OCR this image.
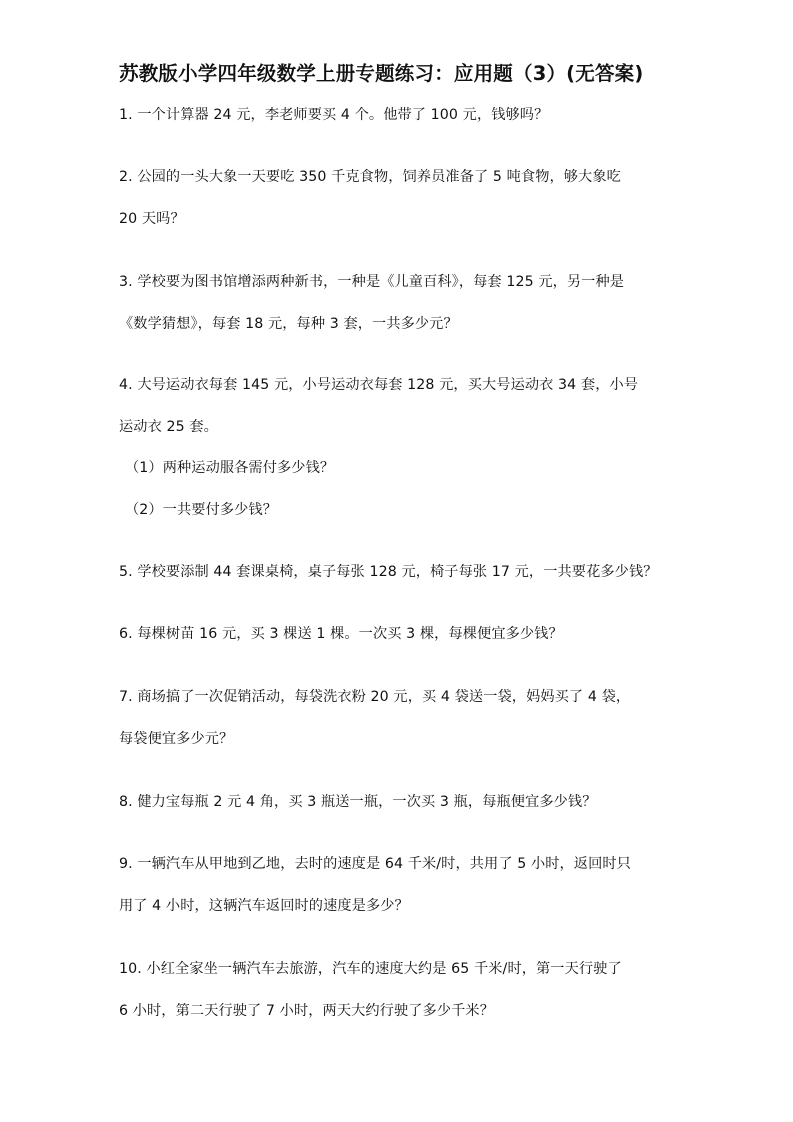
苏教版小学四年级数学上册专题练习：应用题（3）(无答案)
1. 一个计算器 24 元，李老师要买 4 个。他带了 100 元，钱够吗？
2. 公园的一头大象一天要吃 350 千克食物，饲养员准备了 5 吨食物，够大象吃
20 天吗？
3. 学校要为图书馆增添两种新书，一种是《儿童百科》，每套 125 元，另一种是
《数学猜想》，每套 18 元，每种 3 套，一共多少元？
4. 大号运动衣每套 145 元，小号运动衣每套 128 元，买大号运动衣 34 套，小号
运动衣 25 套。
（1）两种运动服各需付多少钱？
（2）一共要付多少钱？
5. 学校要添制 44 套课桌椅，桌子每张 128 元，椅子每张 17 元，一共要花多少钱？
6. 每棵树苗 16 元，买 3 棵送 1 棵。一次买 3 棵，每棵便宜多少钱？
7. 商场搞了一次促销活动，每袋洗衣粉 20 元，买 4 袋送一袋，妈妈买了 4 袋，
每袋便宜多少元？
8. 健力宝每瓶 2 元 4 角，买 3 瓶送一瓶，一次买 3 瓶，每瓶便宜多少钱？
9. 一辆汽车从甲地到乙地，去时的速度是 64 千米/时，共用了 5 小时，返回时只
用了 4 小时，这辆汽车返回时的速度是多少？
10. 小红全家坐一辆汽车去旅游，汽车的速度大约是 65 千米/时，第一天行驶了
6 小时，第二天行驶了 7 小时，两天大约行驶了多少千米？
